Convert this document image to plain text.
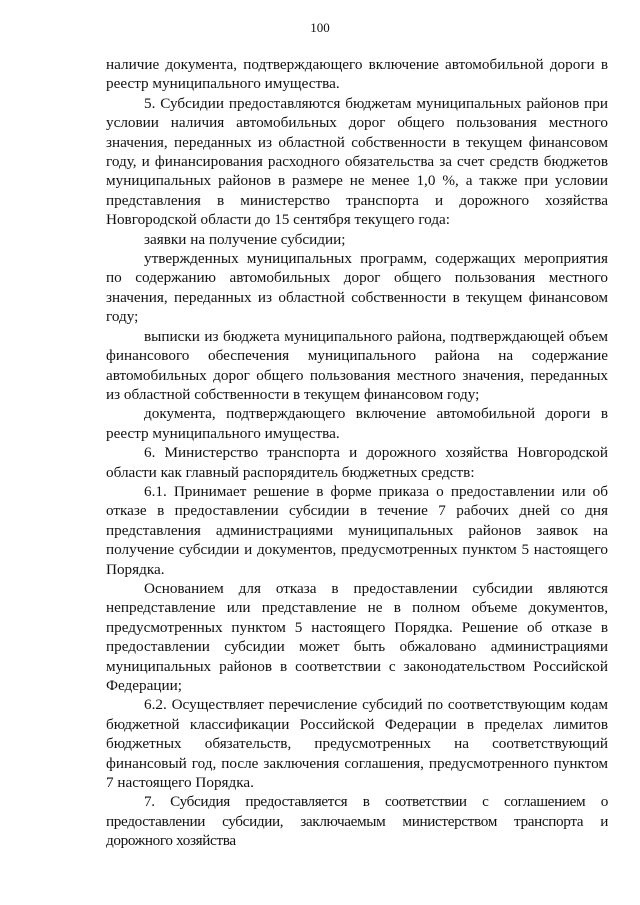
100

наличие документа, подтверждающего включение автомобильной дороги в реестр муниципального имущества.

5. Субсидии предоставляются бюджетам муниципальных районов при условии наличия автомобильных дорог общего пользования местного значения, переданных из областной собственности в текущем финансовом году, и финансирования расходного обязательства за счет средств бюджетов муниципальных районов в размере не менее 1,0 %, а также при условии представления в министерство транспорта и дорожного хозяйства Новгородской области до 15 сентября текущего года:

заявки на получение субсидии;

утвержденных муниципальных программ, содержащих мероприятия по содержанию автомобильных дорог общего пользования местного значения, переданных из областной собственности в текущем финансовом году;

выписки из бюджета муниципального района, подтверждающей объем финансового обеспечения муниципального района на содержание автомобильных дорог общего пользования местного значения, переданных из областной собственности в текущем финансовом году;

документа, подтверждающего включение автомобильной дороги в реестр муниципального имущества.

6. Министерство транспорта и дорожного хозяйства Новгородской области как главный распорядитель бюджетных средств:

6.1. Принимает решение в форме приказа о предоставлении или об отказе в предоставлении субсидии в течение 7 рабочих дней со дня представления администрациями муниципальных районов заявок на получение субсидии и документов, предусмотренных пунктом 5 настоящего Порядка.

Основанием для отказа в предоставлении субсидии являются непредставление или представление не в полном объеме документов, предусмотренных пунктом 5 настоящего Порядка. Решение об отказе в предоставлении субсидии может быть обжаловано администрациями муниципальных районов в соответствии с законодательством Российской Федерации;

6.2. Осуществляет перечисление субсидий по соответствующим кодам бюджетной классификации Российской Федерации в пределах лимитов бюджетных обязательств, предусмотренных на соответствующий финансовый год, после заключения соглашения, предусмотренного пунктом 7 настоящего Порядка.

7. Субсидия предоставляется в соответствии с соглашением о предоставлении субсидии, заключаемым министерством транспорта и дорожного хозяйства
